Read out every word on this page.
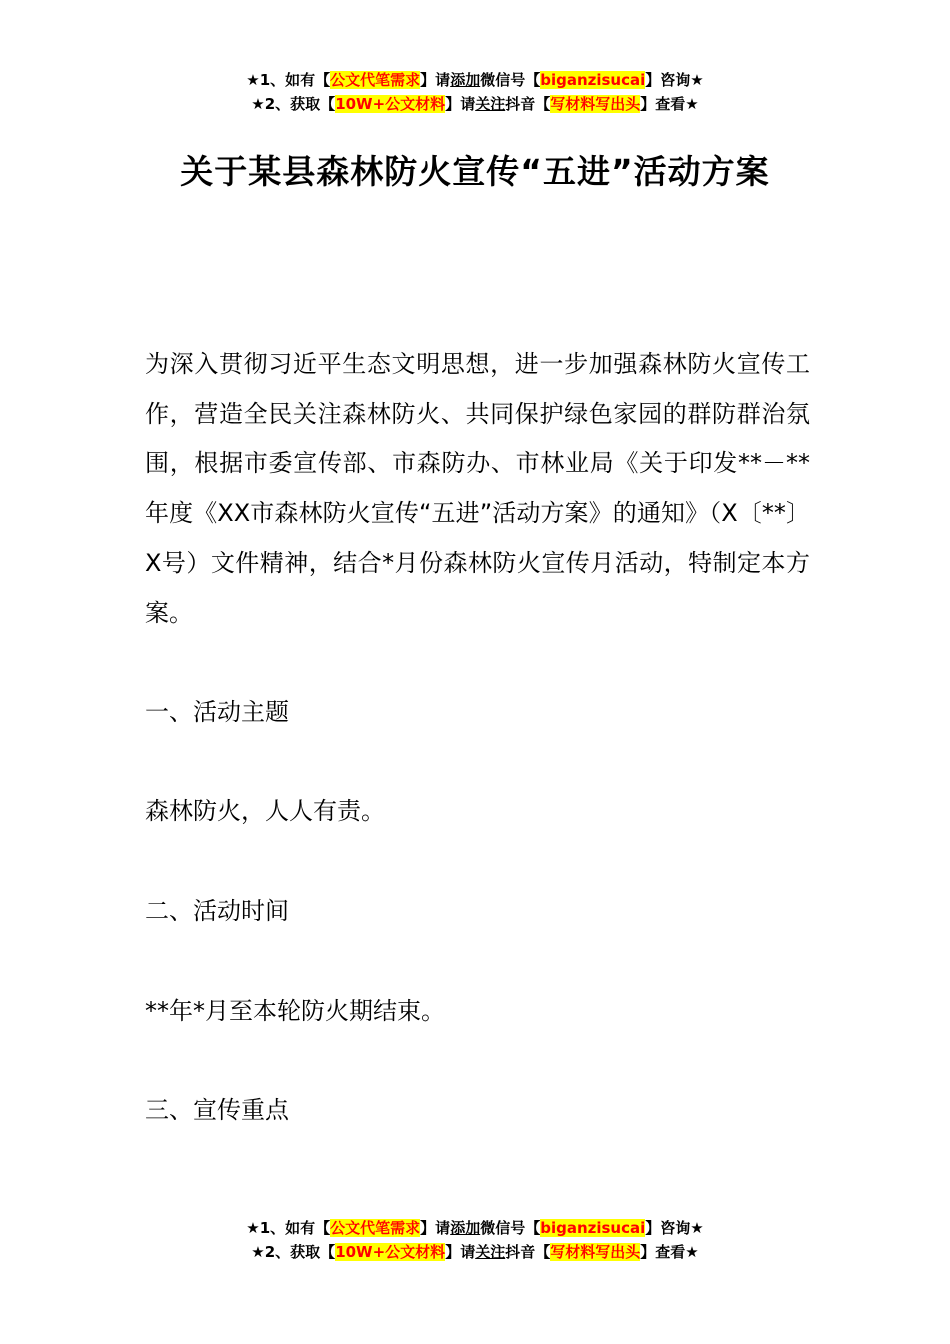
★1、如有【公文代笔需求】请添加微信号【biganzisucai】咨询★
★2、获取【10W+公文材料】请关注抖音【写材料写出头】查看★
关于某县森林防火宣传“五进”活动方案

为深入贯彻习近平生态文明思想，进一步加强森林防火宣传工作，营造全民关注森林防火、共同保护绿色家园的群防群治氛围，根据市委宣传部、市森防办、市林业局《关于印发**－**年度《XX市森林防火宣传“五进”活动方案》的通知》（X〔**〕X号）文件精神，结合*月份森林防火宣传月活动，特制定本方案。

一、活动主题
森林防火，人人有责。
二、活动时间
**年*月至本轮防火期结束。
三、宣传重点
★1、如有【公文代笔需求】请添加微信号【biganzisucai】咨询★
★2、获取【10W+公文材料】请关注抖音【写材料写出头】查看★
